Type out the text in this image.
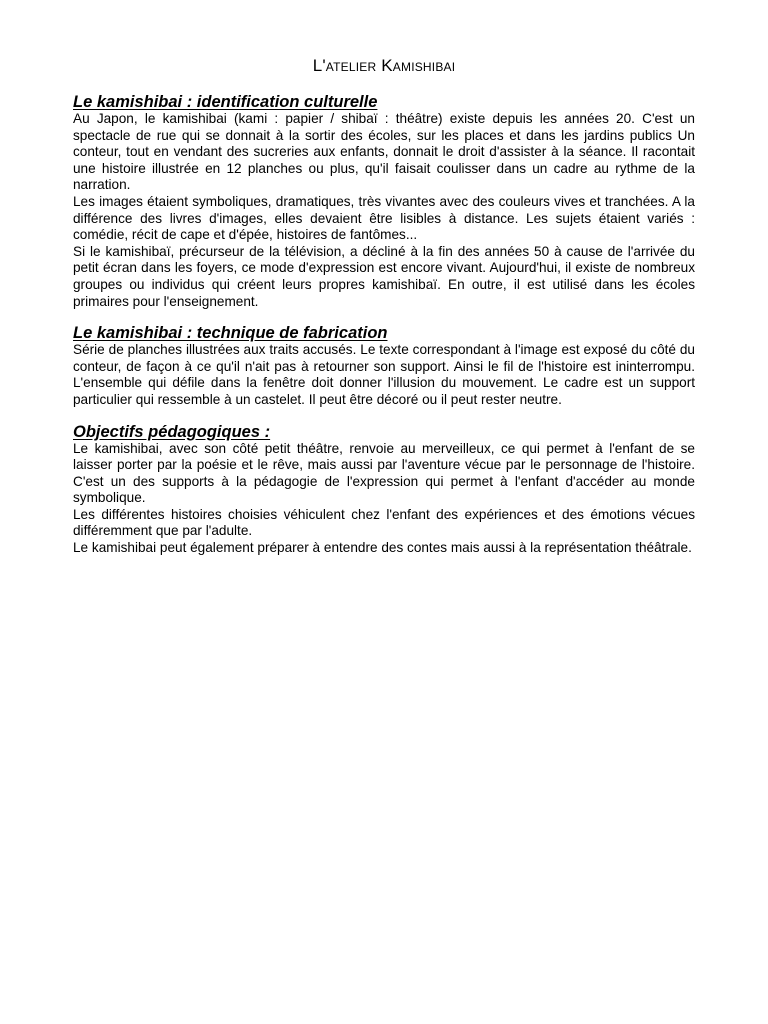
L'atelier Kamishibai
Le kamishibai : identification culturelle

Au Japon, le kamishibai (kami : papier / shibaï : théâtre) existe depuis les années 20. C'est un spectacle de rue qui se donnait à la sortir des écoles, sur les places et dans les jardins publics Un conteur, tout en vendant des sucreries aux enfants, donnait le droit d'assister à la séance. Il racontait une histoire illustrée en 12 planches ou plus, qu'il faisait coulisser dans un cadre au rythme de la narration.

Les images étaient symboliques, dramatiques, très vivantes avec des couleurs vives et tranchées. A la différence des livres d'images, elles devaient être lisibles à distance. Les sujets étaient variés : comédie, récit de cape et d'épée, histoires de fantômes...

Si le kamishibaï, précurseur de la télévision, a décliné à la fin des années 50 à cause de l'arrivée du petit écran dans les foyers, ce mode d'expression est encore vivant. Aujourd'hui, il existe de nombreux groupes ou individus qui créent leurs propres kamishibaï. En outre, il est utilisé dans les écoles primaires pour l'enseignement.

Le kamishibai : technique de fabrication

Série de planches illustrées aux traits accusés. Le texte correspondant à l'image est exposé du côté du conteur, de façon à ce qu'il n'ait pas à retourner son support. Ainsi le fil de l'histoire est ininterrompu. L'ensemble qui défile dans la fenêtre doit donner l'illusion du mouvement. Le cadre est un support particulier qui ressemble à un castelet. Il peut être décoré ou il peut rester neutre.

Objectifs pédagogiques :

Le kamishibai, avec son côté petit théâtre, renvoie au merveilleux, ce qui permet à l'enfant de se laisser porter par la poésie et le rêve, mais aussi par l'aventure vécue par le personnage de l'histoire. C'est un des supports à la pédagogie de l'expression qui permet à l'enfant d'accéder au monde symbolique.

Les différentes histoires choisies véhiculent chez l'enfant des expériences et des émotions vécues différemment que par l'adulte.

Le kamishibai peut également préparer à entendre des contes mais aussi à la représentation théâtrale.
